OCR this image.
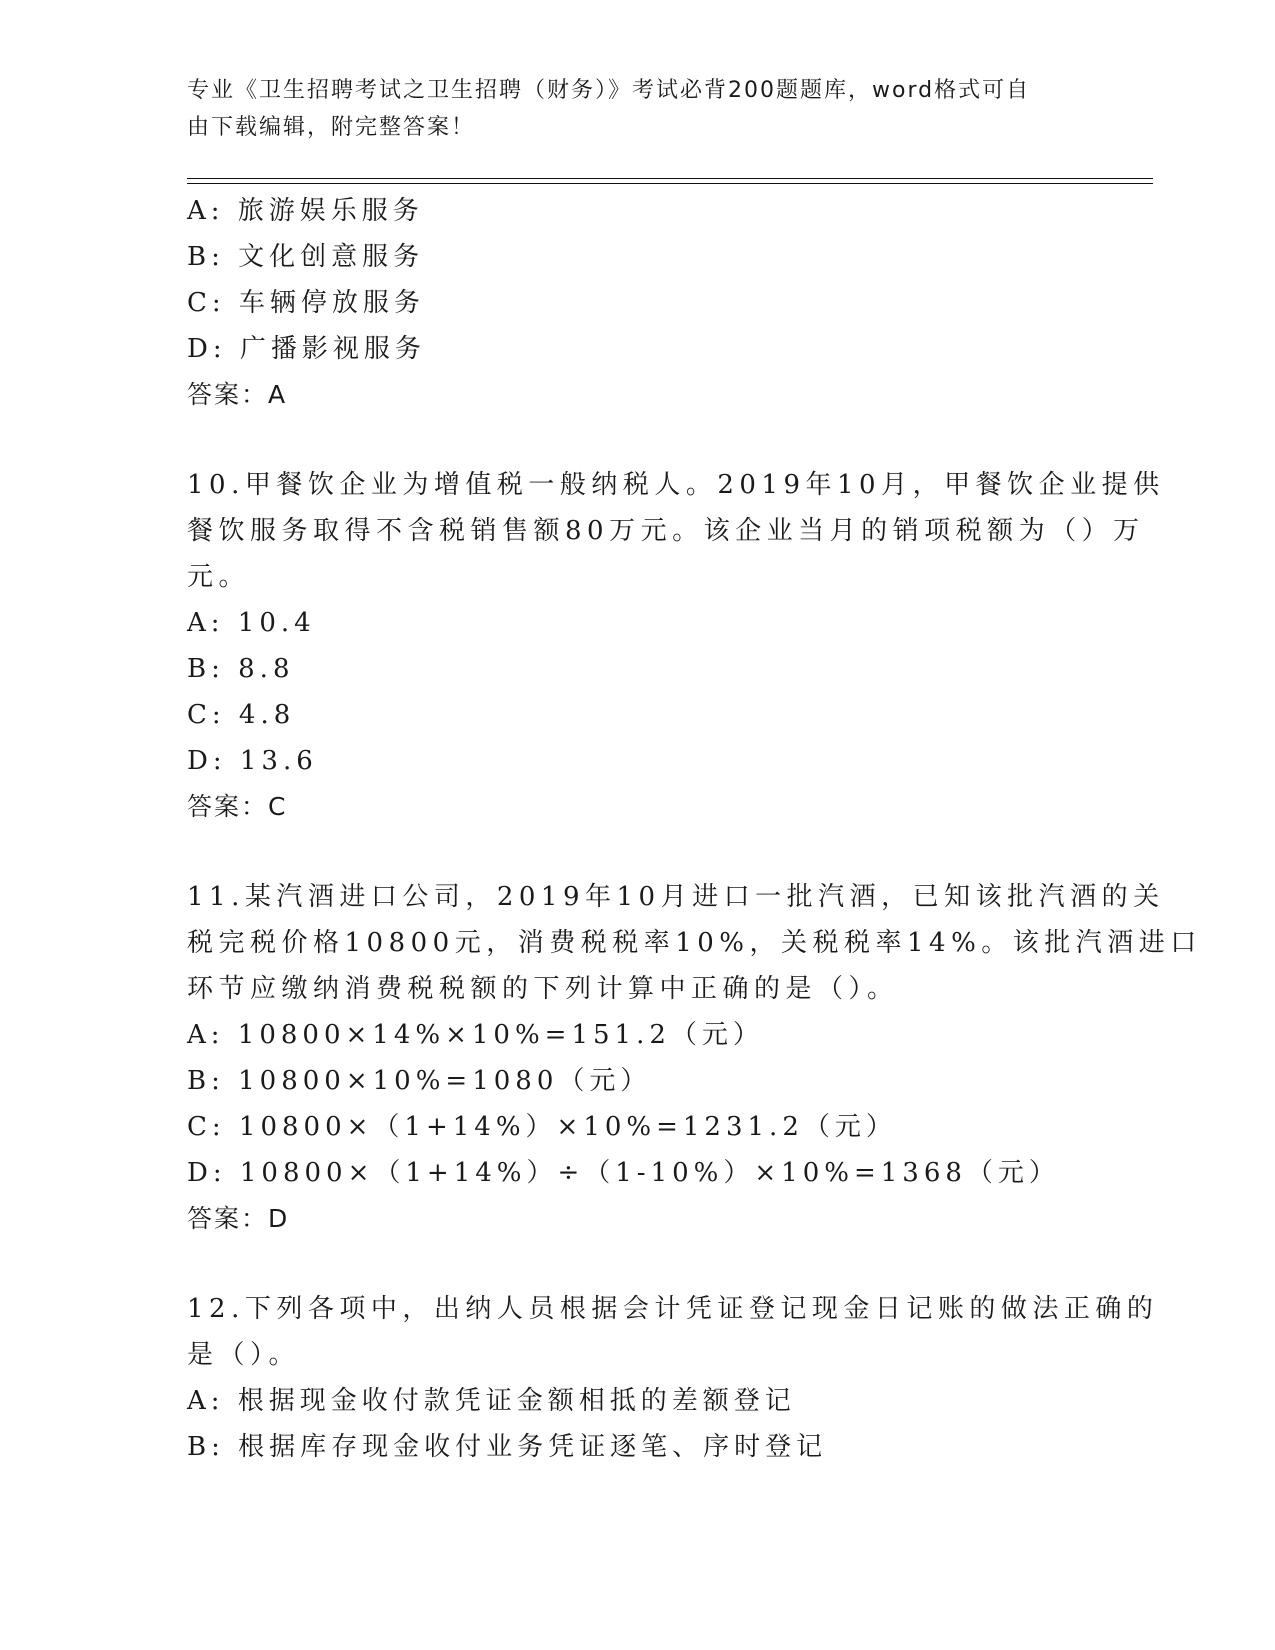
专业《卫生招聘考试之卫生招聘（财务）》考试必背200题题库，word格式可自
由下载编辑，附完整答案！
A: 旅游娱乐服务
B: 文化创意服务
C: 车辆停放服务
D: 广播影视服务
答案：A
10.甲餐饮企业为增值税一般纳税人。2019年10月，甲餐饮企业提供
餐饮服务取得不含税销售额80万元。该企业当月的销项税额为（）万
元。
A: 10.4
B: 8.8
C: 4.8
D: 13.6
答案：C
11.某汽酒进口公司，2019年10月进口一批汽酒，已知该批汽酒的关
税完税价格10800元，消费税税率10%，关税税率14%。该批汽酒进口
环节应缴纳消费税税额的下列计算中正确的是（）。
A: 10800×14%×10%=151.2（元）
B: 10800×10%=1080（元）
C: 10800×（1+14%）×10%=1231.2（元）
D: 10800×（1+14%）÷（1-10%）×10%=1368（元）
答案：D
12.下列各项中，出纳人员根据会计凭证登记现金日记账的做法正确的
是（）。
A: 根据现金收付款凭证金额相抵的差额登记
B: 根据库存现金收付业务凭证逐笔、序时登记
